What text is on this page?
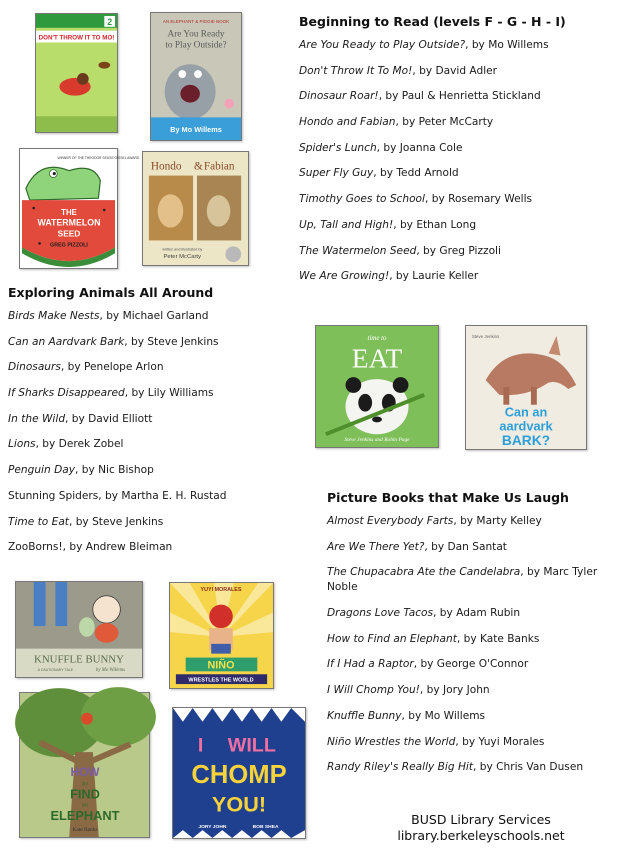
Beginning to Read (levels F - G - H - I)
Are You Ready to Play Outside?, by Mo Willems
Don't Throw It To Mo!, by David Adler
Dinosaur Roar!, by Paul & Henrietta Stickland
Hondo and Fabian, by Peter McCarty
Spider's Lunch, by Joanna Cole
Super Fly Guy, by Tedd Arnold
Timothy Goes to School, by Rosemary Wells
Up, Tall and High!, by Ethan Long
The Watermelon Seed, by Greg Pizzoli
We Are Growing!, by Laurie Keller
Exploring Animals All Around
Birds Make Nests, by Michael Garland
Can an Aardvark Bark, by Steve Jenkins
Dinosaurs, by Penelope Arlon
If Sharks Disappeared, by Lily Williams
In the Wild, by David Elliott
Lions, by Derek Zobel
Penguin Day, by Nic Bishop
Stunning Spiders, by Martha E. H. Rustad
Time to Eat, by Steve Jenkins
ZooBorns!, by Andrew Bleiman
Picture Books that Make Us Laugh
Almost Everybody Farts, by Marty Kelley
Are We There Yet?, by Dan Santat
The Chupacabra Ate the Candelabra, by Marc Tyler Noble
Dragons Love Tacos, by Adam Rubin
How to Find an Elephant, by Kate Banks
If I Had a Raptor, by George O'Connor
I Will Chomp You!, by Jory John
Knuffle Bunny, by Mo Willems
Niño Wrestles the World, by Yuyi Morales
Randy Riley's Really Big Hit, by Chris Van Dusen
2
DON'T THROW IT TO MO!
AN ELEPHANT & PIGGIE BOOK
Are You Ready
to Play Outside?
By Mo Willems
WINNER OF THE THEODOR SEUSS GEISEL AWARD
THE
WATERMELON
SEED
GREG PIZZOLI
Hondo & Fabian
written and illustrated by
Peter McCarty
time to
EAT
Steve Jenkins and Robin Page
Steve Jenkins
Can an
aardvark
BARK?
KNUFFLE BUNNY
A CAUTIONARY TALE	by Mo Willems
YUYI MORALES
NIÑO
WRESTLES THE WORLD
HOW
to
FIND
an
ELEPHANT
Kate Banks
I WILL
CHOMP
YOU!
JORY JOHN	BOB SHEA
BUSD Library Services
library.berkeleyschools.net
